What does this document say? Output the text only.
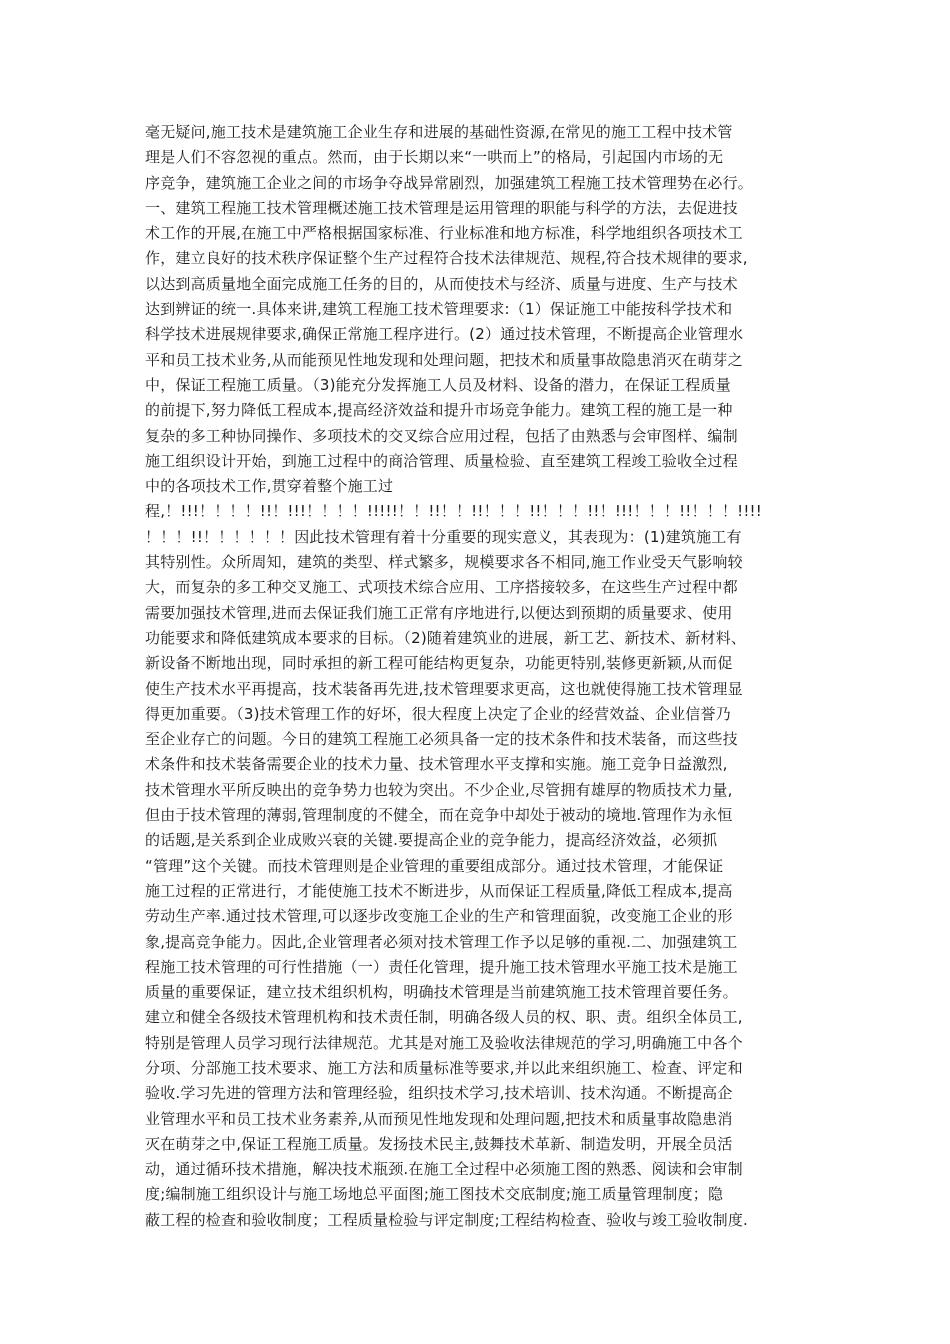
毫无疑问,施工技术是建筑施工企业生存和进展的基础性资源,在常见的施工工程中技术管
理是人们不容忽视的重点。然而，由于长期以来“一哄而上”的格局，引起国内市场的无
序竞争，建筑施工企业之间的市场争夺战异常剧烈，加强建筑工程施工技术管理势在必行。
一、建筑工程施工技术管理概述施工技术管理是运用管理的职能与科学的方法，去促进技
术工作的开展,在施工中严格根据国家标准、行业标准和地方标准，科学地组织各项技术工
作，建立良好的技术秩序保证整个生产过程符合技术法律规范、规程,符合技术规律的要求,
以达到高质量地全面完成施工任务的目的，从而使技术与经济、质量与进度、生产与技术
达到辨证的统一.具体来讲,建筑工程施工技术管理要求:（1）保证施工中能按科学技术和
科学技术进展规律要求,确保正常施工程序进行。(2）通过技术管理，不断提高企业管理水
平和员工技术业务,从而能预见性地发现和处理问题，把技术和质量事故隐患消灭在萌芽之
中，保证工程施工质量。（3)能充分发挥施工人员及材料、设备的潜力，在保证工程质量
的前提下,努力降低工程成本,提高经济效益和提升市场竞争能力。建筑工程的施工是一种
复杂的多工种协同操作、多项技术的交叉综合应用过程，包括了由熟悉与会审图样、编制
施工组织设计开始，到施工过程中的商洽管理、质量检验、直至建筑工程竣工验收全过程
中的各项技术工作,贯穿着整个施工过
程,！!!!！！！！!!！!!!！！！！!!!!!！！!!！！!!！！！!!！！！!!！!!!！！！!!！！！!!!!
！！！!!！！！！！！因此技术管理有着十分重要的现实意义，其表现为：(1)建筑施工有
其特别性。众所周知，建筑的类型、样式繁多，规模要求各不相同,施工作业受天气影响较
大，而复杂的多工种交叉施工、式项技术综合应用、工序搭接较多，在这些生产过程中都
需要加强技术管理,进而去保证我们施工正常有序地进行,以便达到预期的质量要求、使用
功能要求和降低建筑成本要求的目标。（2)随着建筑业的进展，新工艺、新技术、新材料、
新设备不断地出现，同时承担的新工程可能结构更复杂，功能更特别,装修更新颖,从而促
使生产技术水平再提高，技术装备再先进,技术管理要求更高，这也就使得施工技术管理显
得更加重要。（3)技术管理工作的好坏，很大程度上决定了企业的经营效益、企业信誉乃
至企业存亡的问题。今日的建筑工程施工必须具备一定的技术条件和技术装备，而这些技
术条件和技术装备需要企业的技术力量、技术管理水平支撑和实施。施工竞争日益激烈,
技术管理水平所反映出的竞争势力也较为突出。不少企业,尽管拥有雄厚的物质技术力量,
但由于技术管理的薄弱,管理制度的不健全，而在竞争中却处于被动的境地.管理作为永恒
的话题,是关系到企业成败兴衰的关键.要提高企业的竞争能力，提高经济效益，必须抓
“管理”这个关键。而技术管理则是企业管理的重要组成部分。通过技术管理，才能保证
施工过程的正常进行，才能使施工技术不断进步，从而保证工程质量,降低工程成本,提高
劳动生产率.通过技术管理,可以逐步改变施工企业的生产和管理面貌，改变施工企业的形
象,提高竞争能力。因此,企业管理者必须对技术管理工作予以足够的重视.二、加强建筑工
程施工技术管理的可行性措施（一）责任化管理，提升施工技术管理水平施工技术是施工
质量的重要保证，建立技术组织机构，明确技术管理是当前建筑施工技术管理首要任务。
建立和健全各级技术管理机构和技术责任制，明确各级人员的权、职、责。组织全体员工,
特别是管理人员学习现行法律规范。尤其是对施工及验收法律规范的学习,明确施工中各个
分项、分部施工技术要求、施工方法和质量标准等要求,并以此来组织施工、检查、评定和
验收.学习先进的管理方法和管理经验，组织技术学习,技术培训、技术沟通。不断提高企
业管理水平和员工技术业务素养,从而预见性地发现和处理问题,把技术和质量事故隐患消
灭在萌芽之中,保证工程施工质量。发扬技术民主,鼓舞技术革新、制造发明，开展全员活
动，通过循环技术措施，解决技术瓶颈.在施工全过程中必须施工图的熟悉、阅读和会审制
度;编制施工组织设计与施工场地总平面图;施工图技术交底制度;施工质量管理制度；隐
蔽工程的检查和验收制度；工程质量检验与评定制度;工程结构检查、验收与竣工验收制度.
